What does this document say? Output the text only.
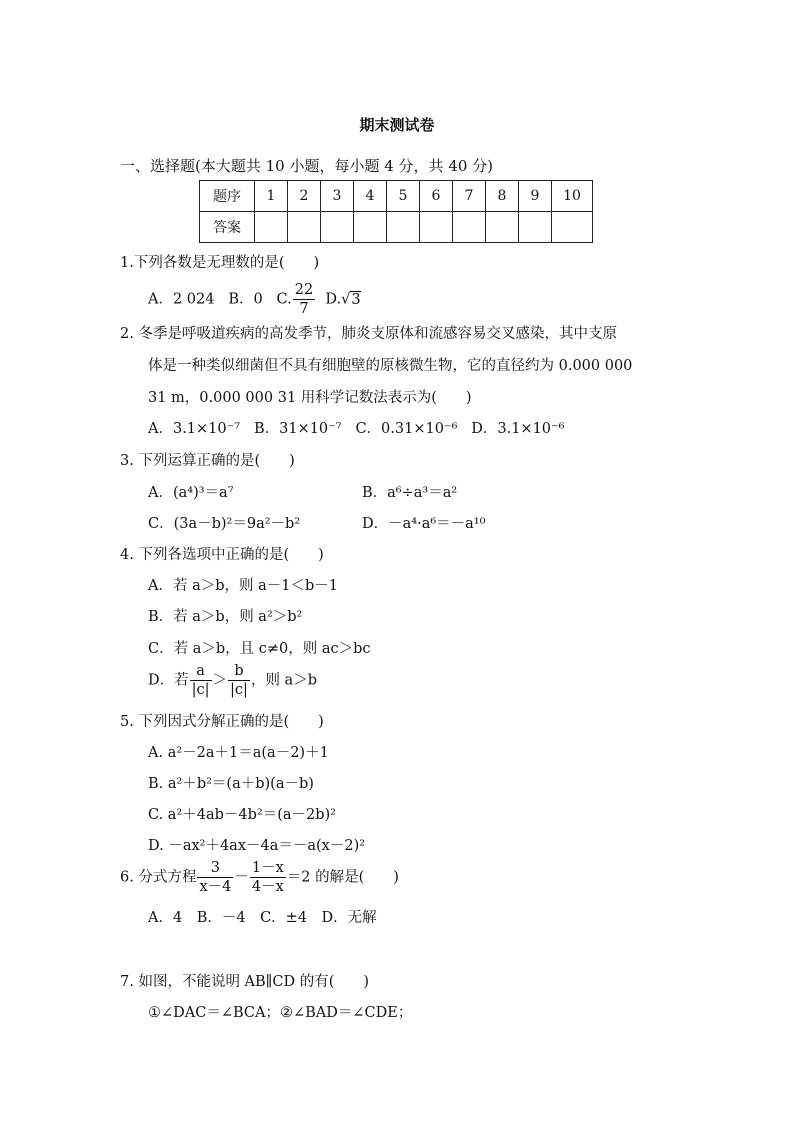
期末测试卷
一、选择题(本大题共 10 小题，每小题 4 分，共 40 分)
题序	1	2	3	4	5	6	7	8	9	10
答案										
1.下列各数是无理数的是(　　)
A．2 024 B．0 C. $\frac{22}{7} D.√3$
2. 冬季是呼吸道疾病的高发季节，肺炎支原体和流感容易交叉感染，其中支原
体是一种类似细菌但不具有细胞壁的原核微生物，它的直径约为 0.000 000
31 m，0.000 000 31 用科学记数法表示为(　　)
A．3.1×10⁻⁷ B．31×10⁻⁷ C．0.31×10⁻⁶ D．3.1×10⁻⁶
3. 下列运算正确的是(　　)
A．(a⁴)³＝a⁷	B．a⁶÷a³＝a²
C．(3a－b)²＝9a²－b²	D．－a⁴·a⁶＝－a¹⁰
4. 下列各选项中正确的是(　　)
A．若 a＞b，则 a－1＜b－1
B．若 a＞b，则 a²＞b²
C．若 a＞b，且 c≠0，则 ac＞bc
D．若 $\frac{a}{|c|} > \frac{b}{|c|}$ ，则 a＞b
5. 下列因式分解正确的是(　　)
A. a²－2a＋1＝a(a－2)＋1
B. a²＋b²＝(a＋b)(a－b)
C. a²＋4ab－4b²＝(a－2b)²
D. －ax²＋4ax－4a＝－a(x－2)²
6. 分式方程 $\frac{3}{x-4} - \frac{1-x}{4-x} =2$ 的解是(　　)
A．4　B．－4　C．±4　D．无解
7. 如图，不能说明 AB∥CD 的有(　　)
①∠DAC＝∠BCA；②∠BAD＝∠CDE；
